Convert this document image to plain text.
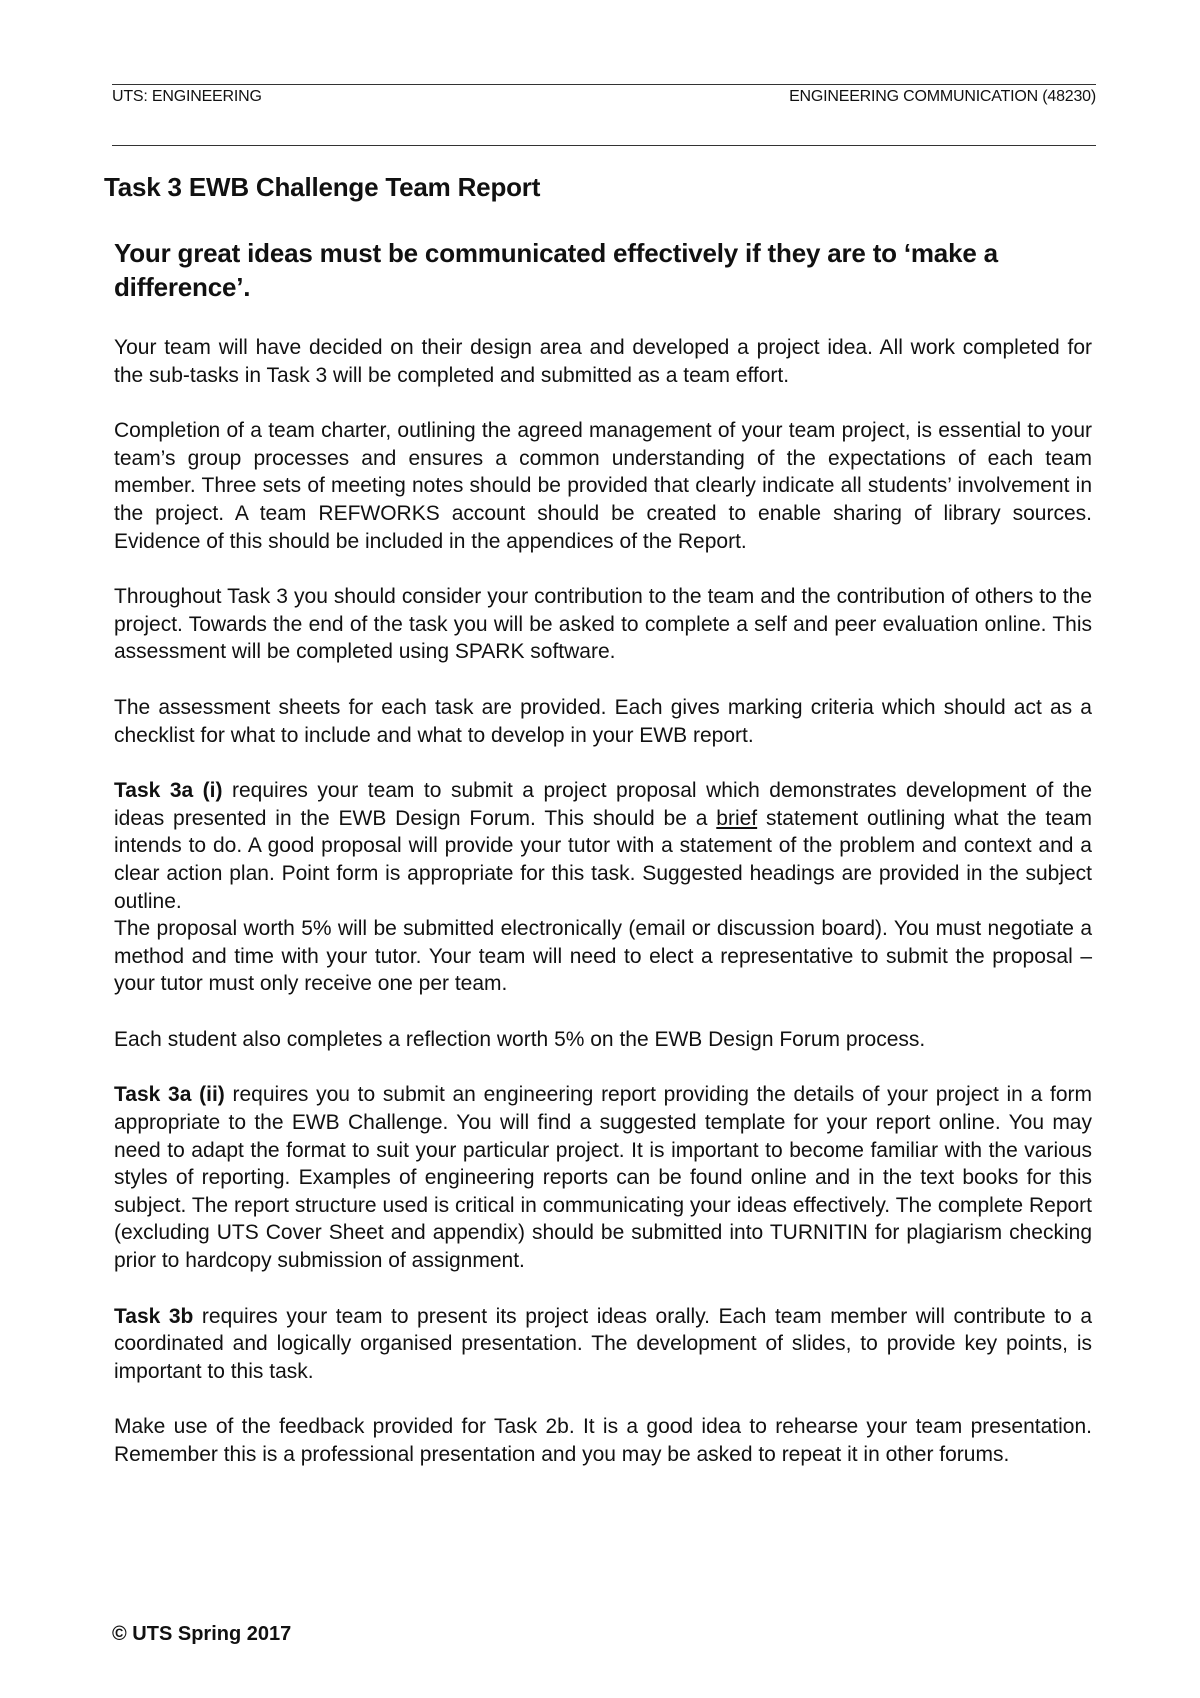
UTS: ENGINEERING	ENGINEERING COMMUNICATION (48230)
Task 3 EWB Challenge Team Report
Your great ideas must be communicated effectively if they are to ‘make a difference’.

Your team will have decided on their design area and developed a project idea. All work completed for the sub-tasks in Task 3 will be completed and submitted as a team effort.

Completion of a team charter, outlining the agreed management of your team project, is essential to your team’s group processes and ensures a common understanding of the expectations of each team member. Three sets of meeting notes should be provided that clearly indicate all students’ involvement in the project. A team REFWORKS account should be created to enable sharing of library sources. Evidence of this should be included in the appendices of the Report.

Throughout Task 3 you should consider your contribution to the team and the contribution of others to the project. Towards the end of the task you will be asked to complete a self and peer evaluation online. This assessment will be completed using SPARK software.

The assessment sheets for each task are provided. Each gives marking criteria which should act as a checklist for what to include and what to develop in your EWB report.

Task 3a (i) requires your team to submit a project proposal which demonstrates development of the ideas presented in the EWB Design Forum. This should be a brief statement outlining what the team intends to do. A good proposal will provide your tutor with a statement of the problem and context and a clear action plan. Point form is appropriate for this task. Suggested headings are provided in the subject outline.

The proposal worth 5% will be submitted electronically (email or discussion board). You must negotiate a method and time with your tutor. Your team will need to elect a representative to submit the proposal – your tutor must only receive one per team.

Each student also completes a reflection worth 5% on the EWB Design Forum process.

Task 3a (ii) requires you to submit an engineering report providing the details of your project in a form appropriate to the EWB Challenge. You will find a suggested template for your report online. You may need to adapt the format to suit your particular project. It is important to become familiar with the various styles of reporting. Examples of engineering reports can be found online and in the text books for this subject. The report structure used is critical in communicating your ideas effectively. The complete Report (excluding UTS Cover Sheet and appendix) should be submitted into TURNITIN for plagiarism checking prior to hardcopy submission of assignment.

Task 3b requires your team to present its project ideas orally. Each team member will contribute to a coordinated and logically organised presentation. The development of slides, to provide key points, is important to this task.

Make use of the feedback provided for Task 2b. It is a good idea to rehearse your team presentation. Remember this is a professional presentation and you may be asked to repeat it in other forums.

© UTS Spring 2017
